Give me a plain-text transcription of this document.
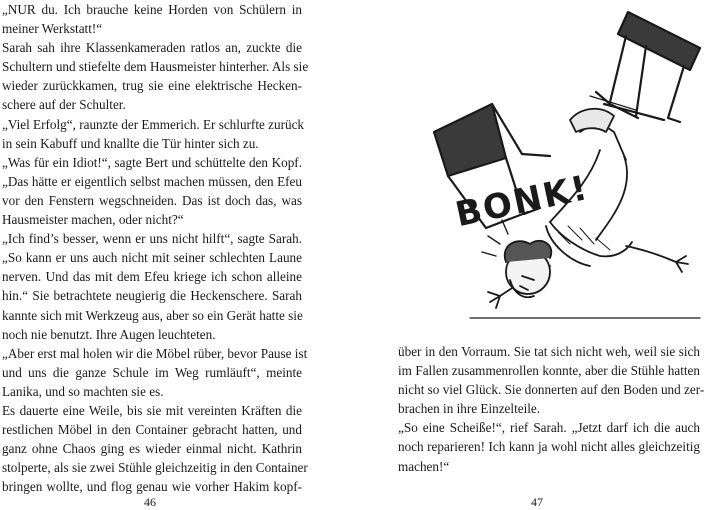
„NUR du. Ich brauche keine Horden von Schülern in
meiner Werkstatt!“
Sarah sah ihre Klassenkameraden ratlos an, zuckte die
Schultern und stiefelte dem Hausmeister hinterher. Als sie
wieder zurückkamen, trug sie eine elektrische Hecken-
schere auf der Schulter.
„Viel Erfolg“, raunzte der Emmerich. Er schlurfte zurück
in sein Kabuff und knallte die Tür hinter sich zu.
„Was für ein Idiot!“, sagte Bert und schüttelte den Kopf.
„Das hätte er eigentlich selbst machen müssen, den Efeu
vor den Fenstern wegschneiden. Das ist doch das, was
Hausmeister machen, oder nicht?“
„Ich find’s besser, wenn er uns nicht hilft“, sagte Sarah.
„So kann er uns auch nicht mit seiner schlechten Laune
nerven. Und das mit dem Efeu kriege ich schon alleine
hin.“ Sie betrachtete neugierig die Heckenschere. Sarah
kannte sich mit Werkzeug aus, aber so ein Gerät hatte sie
noch nie benutzt. Ihre Augen leuchteten.
„Aber erst mal holen wir die Möbel rüber, bevor Pause ist
und uns die ganze Schule im Weg rumläuft“, meinte
Lanika, und so machten sie es.
Es dauerte eine Weile, bis sie mit vereinten Kräften die
restlichen Möbel in den Container gebracht hatten, und
ganz ohne Chaos ging es wieder einmal nicht. Kathrin
stolperte, als sie zwei Stühle gleichzeitig in den Container
bringen wollte, und flog genau wie vorher Hakim kopf-
46
BONK!
über in den Vorraum. Sie tat sich nicht weh, weil sie sich
im Fallen zusammenrollen konnte, aber die Stühle hatten
nicht so viel Glück. Sie donnerten auf den Boden und zer-
brachen in ihre Einzelteile.
„So eine Scheiße!“, rief Sarah. „Jetzt darf ich die auch
noch reparieren! Ich kann ja wohl nicht alles gleichzeitig
machen!“
47
